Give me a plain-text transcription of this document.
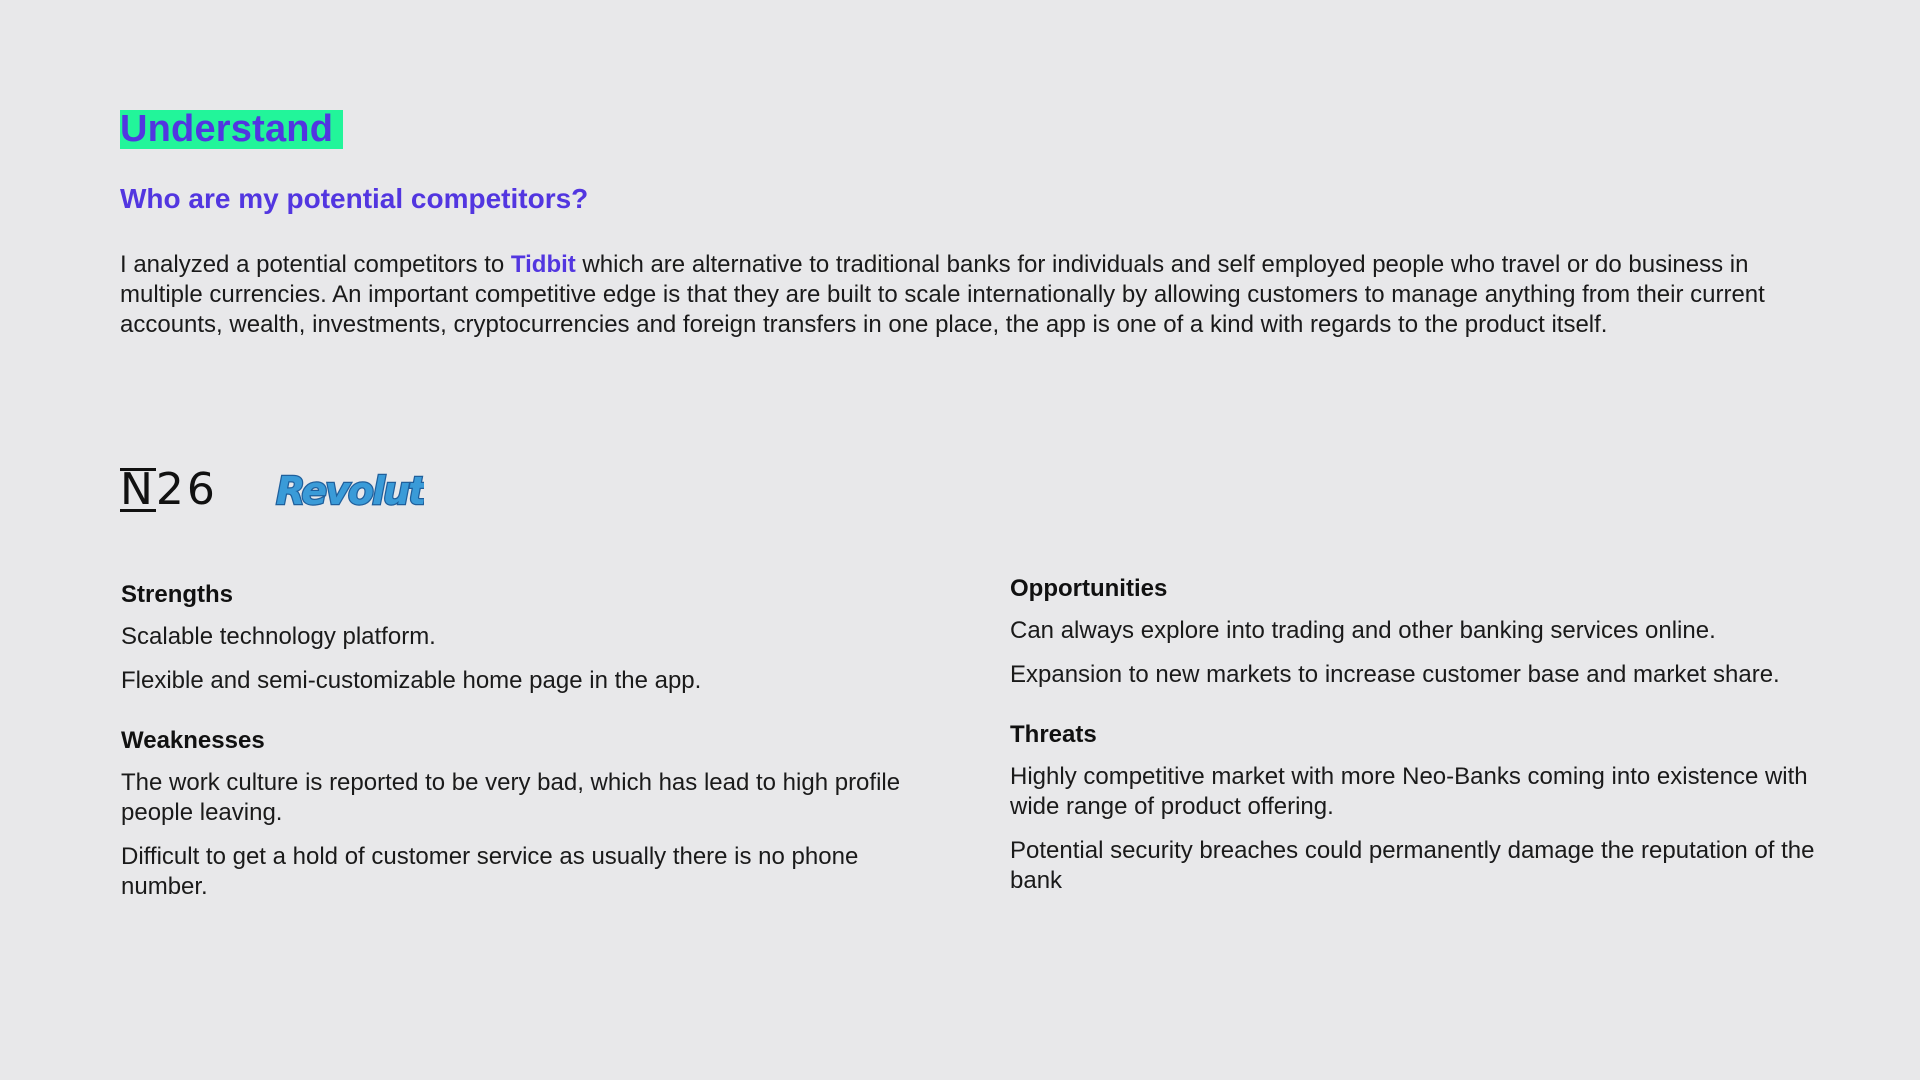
Understand
Who are my potential competitors?

I analyzed a potential competitors to Tidbit which are alternative to traditional banks for individuals and self employed people who travel or do business in multiple currencies. An important competitive edge is that they are built to scale internationally by allowing customers to manage anything from their current accounts, wealth, investments, cryptocurrencies and foreign transfers in one place, the app is one of a kind with regards to the product itself.

N26 Revolut
Strengths

Scalable technology platform.

Flexible and semi-customizable home page in the app.

Weaknesses

The work culture is reported to be very bad, which has lead to high profile people leaving.

Difficult to get a hold of customer service as usually there is no phone number.

Opportunities

Can always explore into trading and other banking services online.

Expansion to new markets to increase customer base and market share.

Threats

Highly competitive market with more Neo-Banks coming into existence with wide range of product offering.

Potential security breaches could permanently damage the reputation of the bank
